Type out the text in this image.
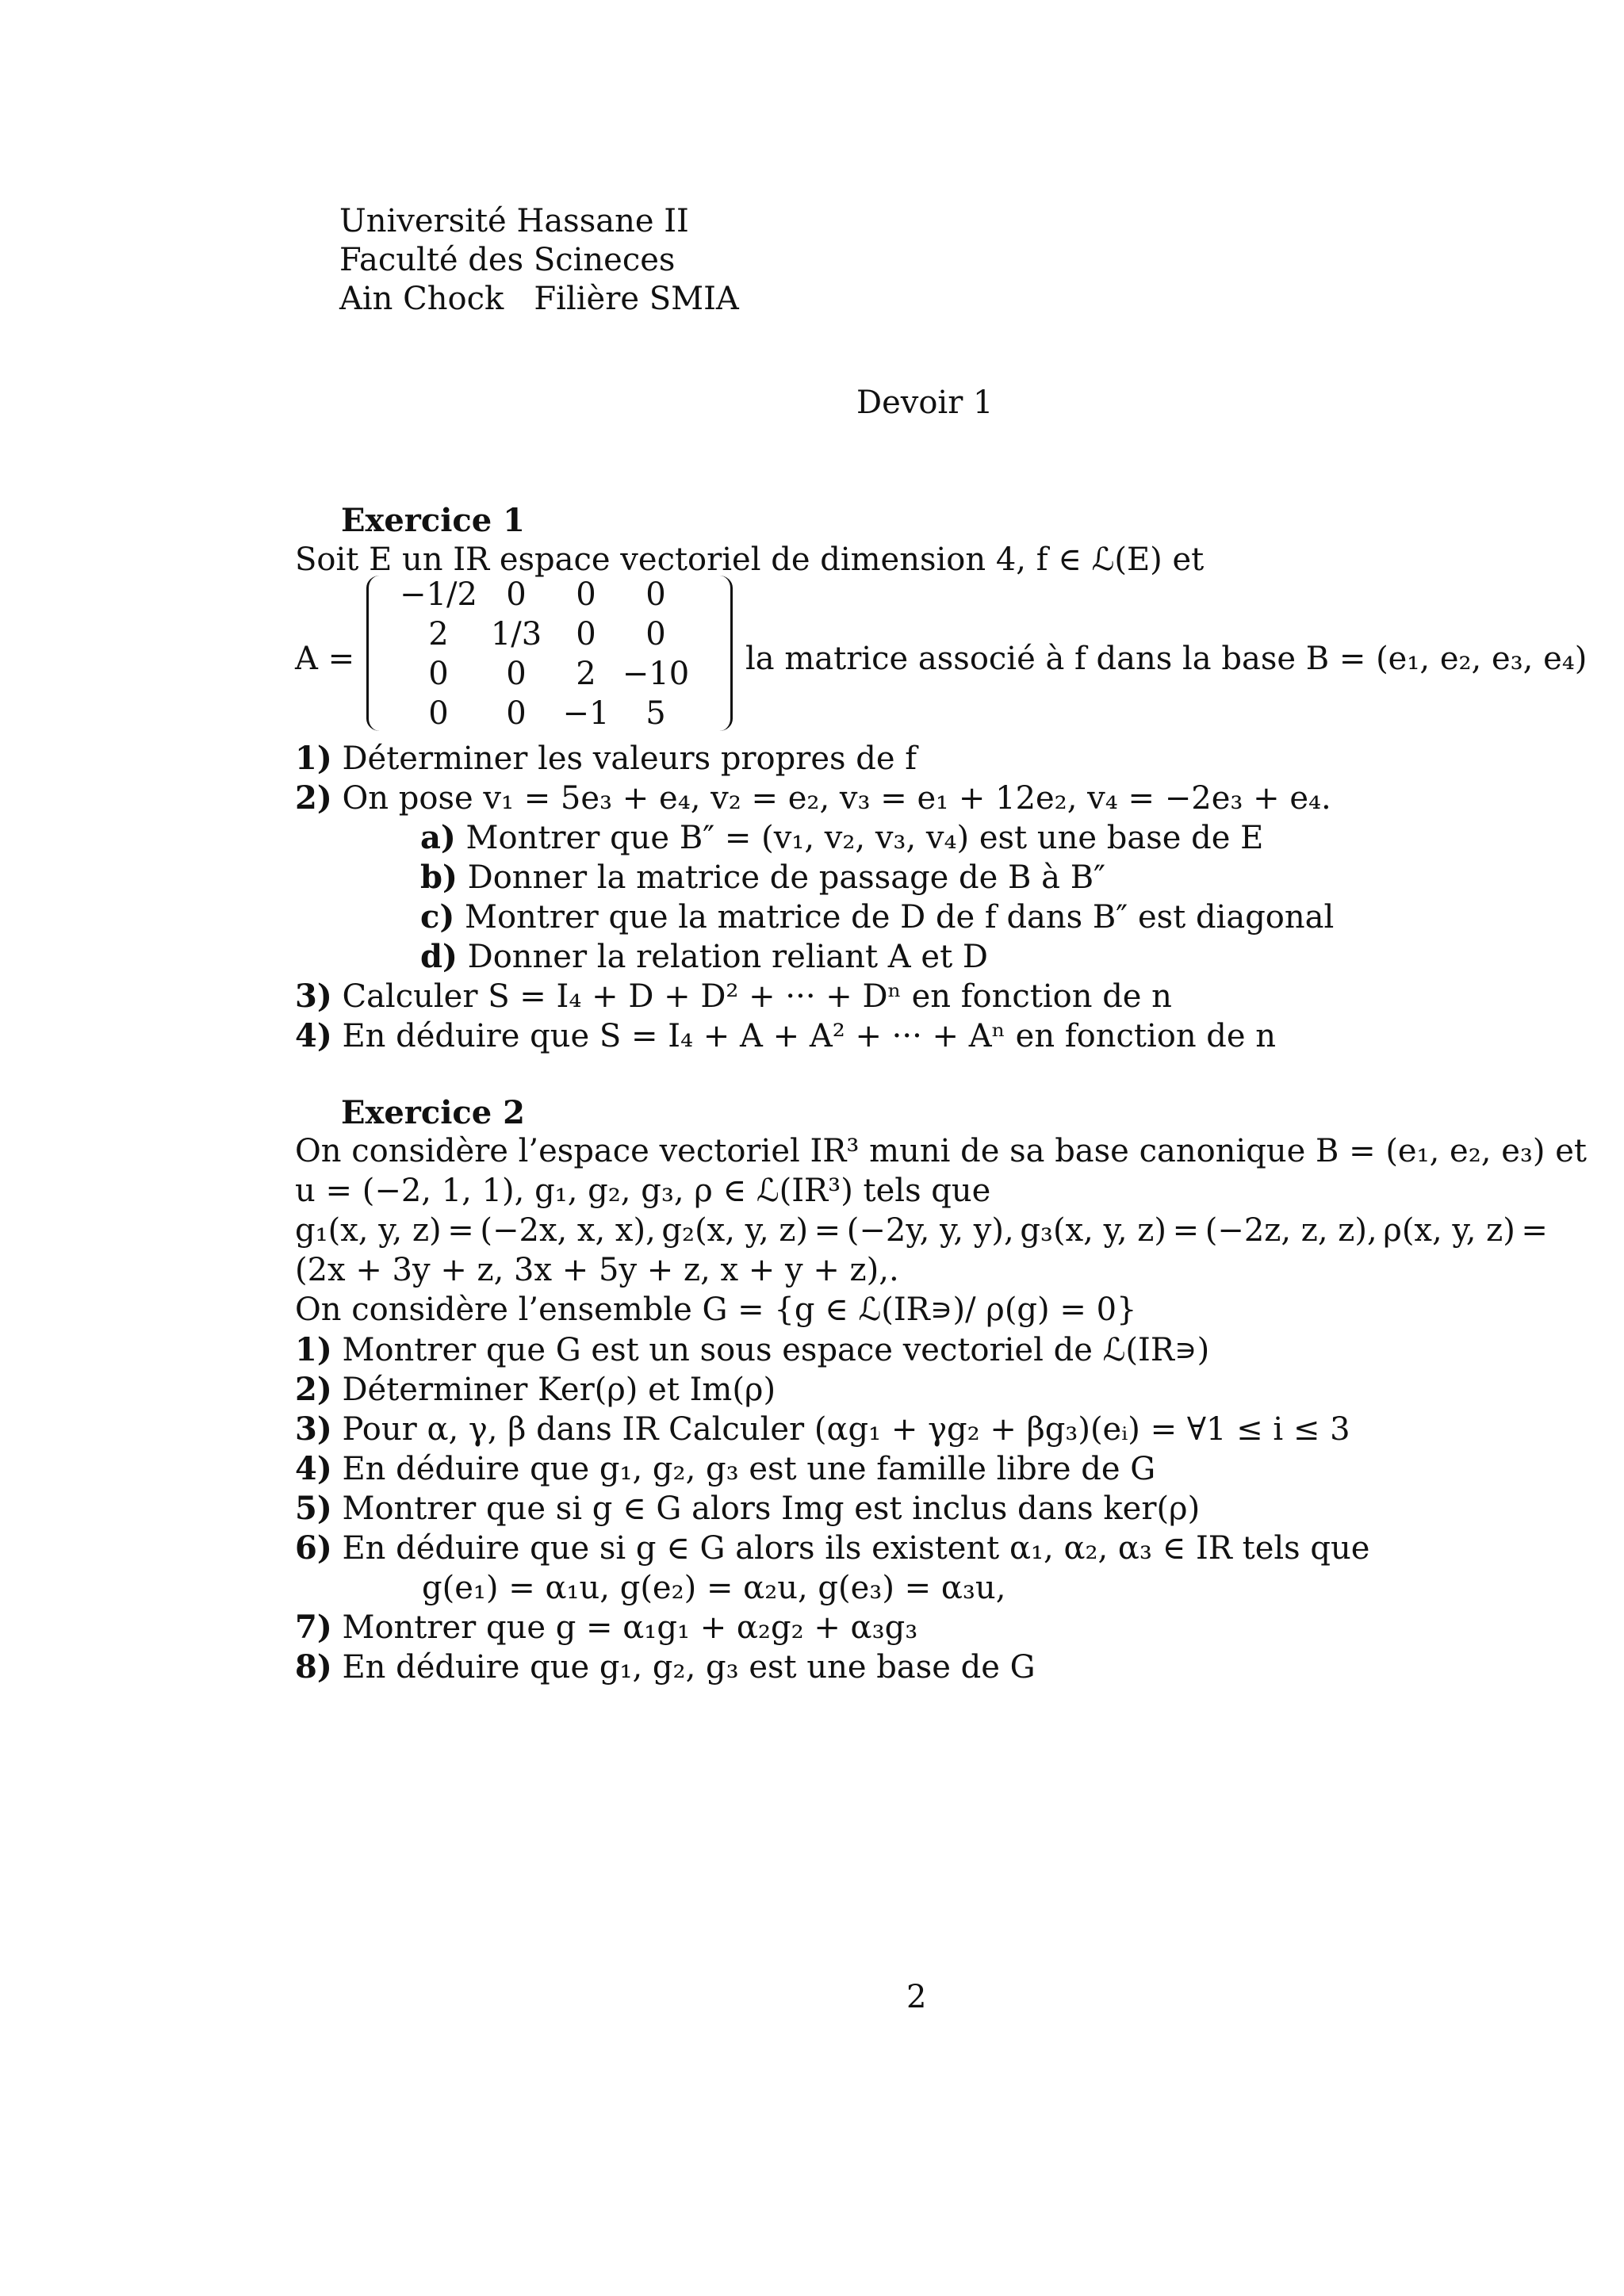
Université Hassane II
Faculté des Scineces
Ain Chock   Filière SMIA
Devoir 1
Exercice 1
Soit E un IR espace vectoriel de dimension 4, f ∈ ℒ(E) et
A =
−1/2 0	0	0
2	1/3	0	0
0	0	2 −10
0	0	−1	5
la matrice associé à f dans la base B = (e₁, e₂, e₃, e₄)
1) Déterminer les valeurs propres de f
2) On pose v₁ = 5e₃ + e₄, v₂ = e₂, v₃ = e₁ + 12e₂, v₄ = −2e₃ + e₄.
a) Montrer que B″ = (v₁, v₂, v₃, v₄) est une base de E
b) Donner la matrice de passage de B à B″
c) Montrer que la matrice de D de f dans B″ est diagonal
d) Donner la relation reliant A et D
3) Calculer S = I₄ + D + D² + ··· + Dⁿ en fonction de n
4) En déduire que S = I₄ + A + A² + ··· + Aⁿ en fonction de n
Exercice 2
On considère l’espace vectoriel IR³ muni de sa base canonique B = (e₁, e₂, e₃) et
u = (−2, 1, 1), g₁, g₂, g₃, ρ ∈ ℒ(IR³) tels que
g₁(x, y, z) = (−2x, x, x), g₂(x, y, z) = (−2y, y, y), g₃(x, y, z) = (−2z, z, z), ρ(x, y, z) =
(2x + 3y + z, 3x + 5y + z, x + y + z),.
On considère l’ensemble G = {g ∈ ℒ(IR∍)/ ρ(g) = 0}
1) Montrer que G est un sous espace vectoriel de ℒ(IR∍)
2) Déterminer Ker(ρ) et Im(ρ)
3) Pour α, γ, β dans IR Calculer (αg₁ + γg₂ + βg₃)(eᵢ) = ∀1 ≤ i ≤ 3
4) En déduire que g₁, g₂, g₃ est une famille libre de G
5) Montrer que si g ∈ G alors Img est inclus dans ker(ρ)
6) En déduire que si g ∈ G alors ils existent α₁, α₂, α₃ ∈ IR tels que
g(e₁) = α₁u, g(e₂) = α₂u, g(e₃) = α₃u,
7) Montrer que g = α₁g₁ + α₂g₂ + α₃g₃
8) En déduire que g₁, g₂, g₃ est une base de G
2
